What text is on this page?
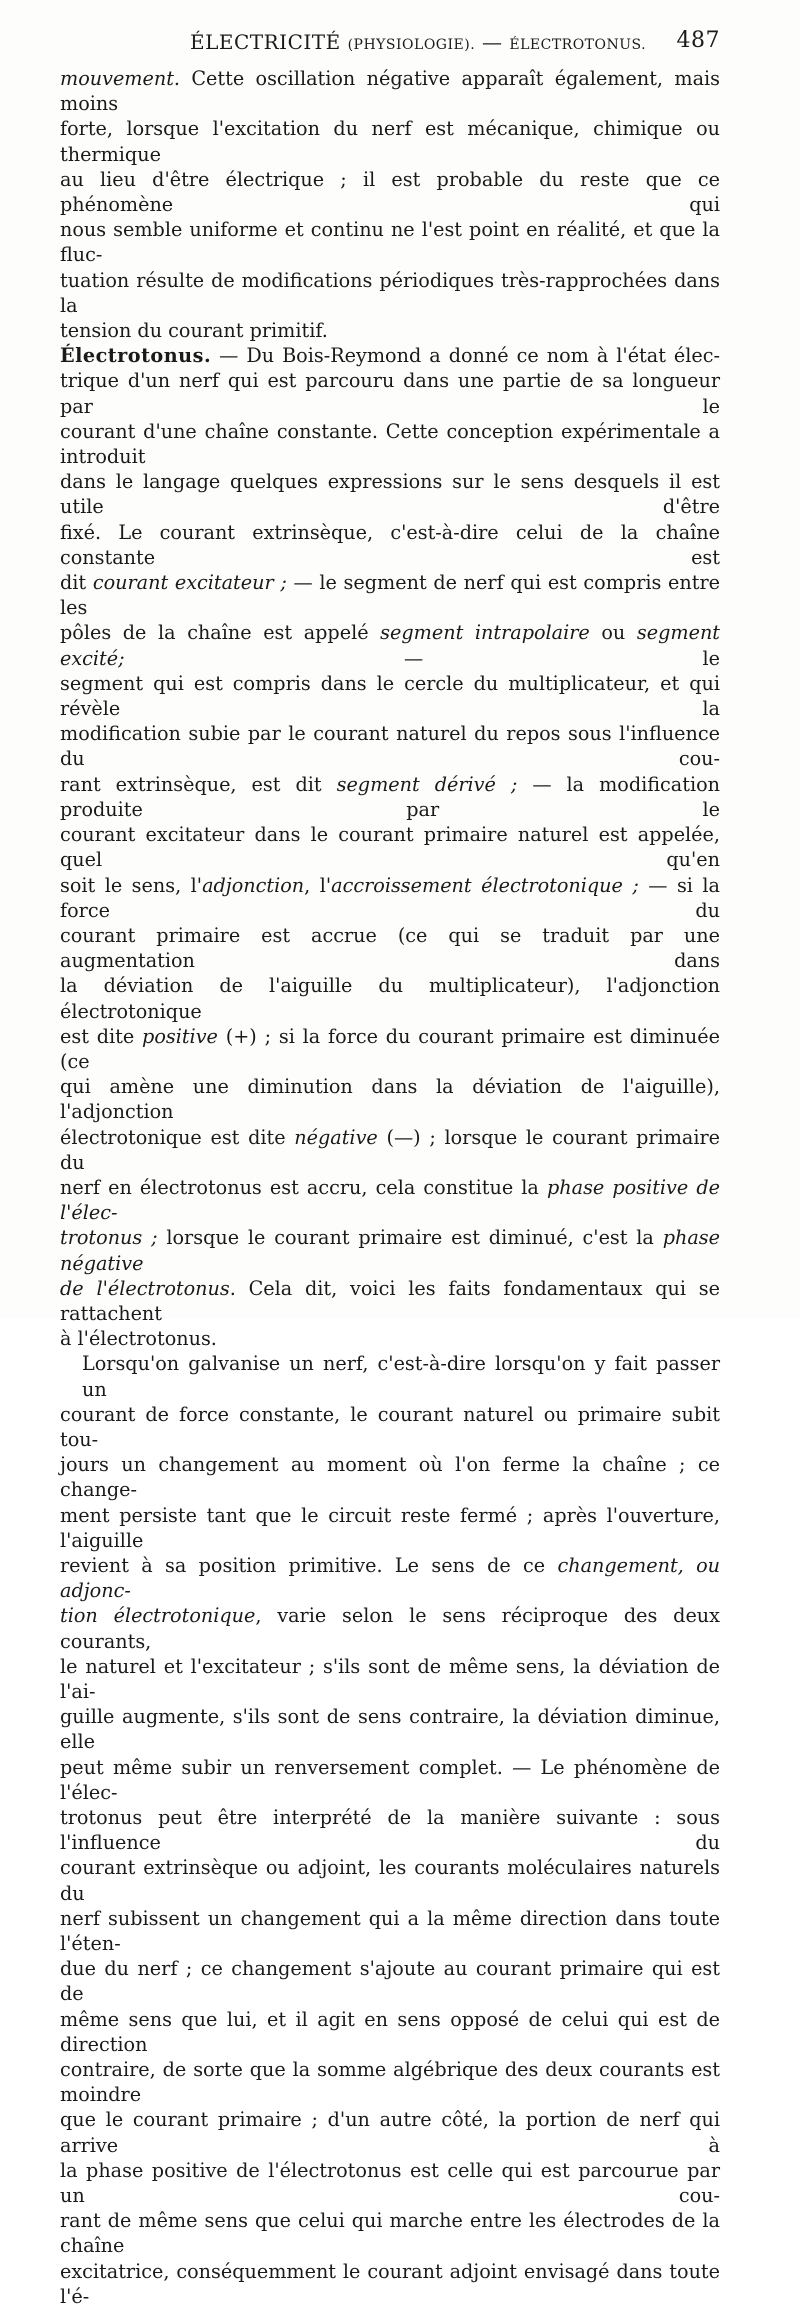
ÉLECTRICITÉ (PHYSIOLOGIE). — ÉLECTROTONUS. 487

mouvement. Cette oscillation négative apparaît également, mais moins

forte, lorsque l'excitation du nerf est mécanique, chimique ou thermique

au lieu d'être électrique ; il est probable du reste que ce phénomène qui

nous semble uniforme et continu ne l'est point en réalité, et que la fluc-

tuation résulte de modifications périodiques très-rapprochées dans la

tension du courant primitif.

Électrotonus. — Du Bois-Reymond a donné ce nom à l'état élec-

trique d'un nerf qui est parcouru dans une partie de sa longueur par le

courant d'une chaîne constante. Cette conception expérimentale a introduit

dans le langage quelques expressions sur le sens desquels il est utile d'être

fixé. Le courant extrinsèque, c'est-à-dire celui de la chaîne constante est

dit courant excitateur ; — le segment de nerf qui est compris entre les

pôles de la chaîne est appelé segment intrapolaire ou segment excité; — le

segment qui est compris dans le cercle du multiplicateur, et qui révèle la

modification subie par le courant naturel du repos sous l'influence du cou-

rant extrinsèque, est dit segment dérivé ; — la modification produite par le

courant excitateur dans le courant primaire naturel est appelée, quel qu'en

soit le sens, l'adjonction, l'accroissement électrotonique ; — si la force du

courant primaire est accrue (ce qui se traduit par une augmentation dans

la déviation de l'aiguille du multiplicateur), l'adjonction électrotonique

est dite positive (+) ; si la force du courant primaire est diminuée (ce

qui amène une diminution dans la déviation de l'aiguille), l'adjonction

électrotonique est dite négative (—) ; lorsque le courant primaire du

nerf en électrotonus est accru, cela constitue la phase positive de l'élec-

trotonus ; lorsque le courant primaire est diminué, c'est la phase négative

de l'électrotonus. Cela dit, voici les faits fondamentaux qui se rattachent

à l'électrotonus.

Lorsqu'on galvanise un nerf, c'est-à-dire lorsqu'on y fait passer un

courant de force constante, le courant naturel ou primaire subit tou-

jours un changement au moment où l'on ferme la chaîne ; ce change-

ment persiste tant que le circuit reste fermé ; après l'ouverture, l'aiguille

revient à sa position primitive. Le sens de ce changement, ou adjonc-

tion électrotonique, varie selon le sens réciproque des deux courants,

le naturel et l'excitateur ; s'ils sont de même sens, la déviation de l'ai-

guille augmente, s'ils sont de sens contraire, la déviation diminue, elle

peut même subir un renversement complet. — Le phénomène de l'élec-

trotonus peut être interprété de la manière suivante : sous l'influence du

courant extrinsèque ou adjoint, les courants moléculaires naturels du

nerf subissent un changement qui a la même direction dans toute l'éten-

due du nerf ; ce changement s'ajoute au courant primaire qui est de

même sens que lui, et il agit en sens opposé de celui qui est de direction

contraire, de sorte que la somme algébrique des deux courants est moindre

que le courant primaire ; d'un autre côté, la portion de nerf qui arrive à

la phase positive de l'électrotonus est celle qui est parcourue par un cou-

rant de même sens que celui qui marche entre les électrodes de la chaîne

excitatrice, conséquemment le courant adjoint envisagé dans toute l'é-
